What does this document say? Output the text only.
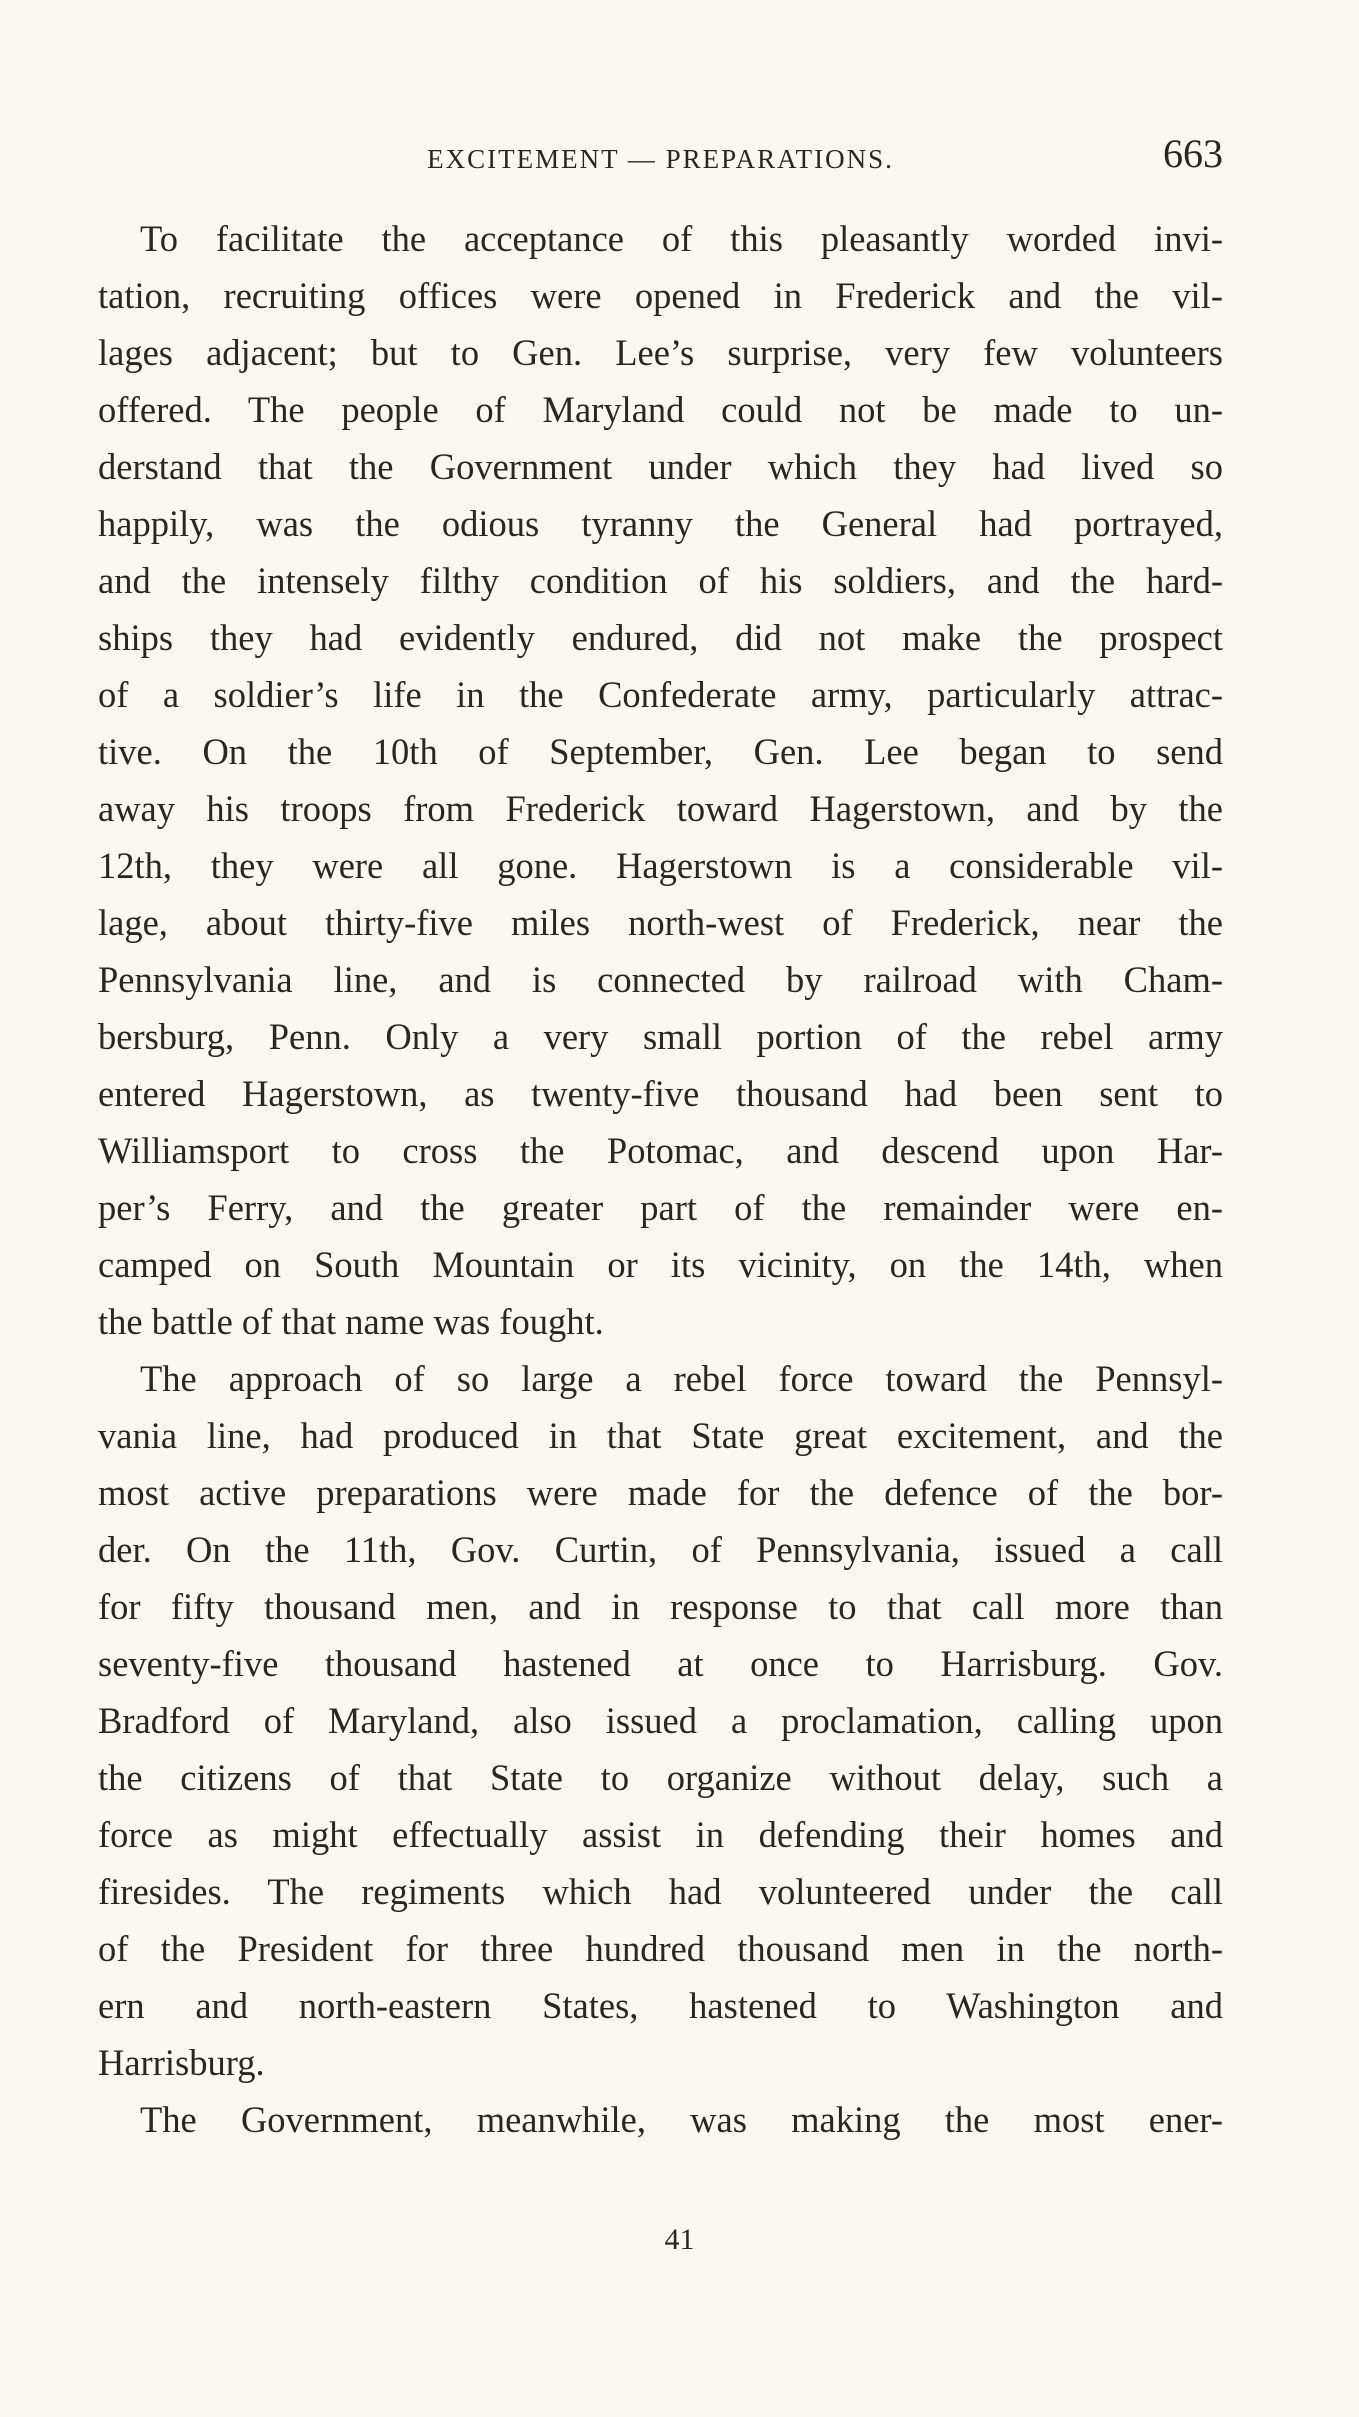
EXCITEMENT — PREPARATIONS.	663
To facilitate the acceptance of this pleasantly worded invi-
tation, recruiting offices were opened in Frederick and the vil-
lages adjacent; but to Gen. Lee’s surprise, very few volunteers
offered. The people of Maryland could not be made to un-
derstand that the Government under which they had lived so
happily, was the odious tyranny the General had portrayed,
and the intensely filthy condition of his soldiers, and the hard-
ships they had evidently endured, did not make the prospect
of a soldier’s life in the Confederate army, particularly attrac-
tive. On the 10th of September, Gen. Lee began to send
away his troops from Frederick toward Hagerstown, and by the
12th, they were all gone. Hagerstown is a considerable vil-
lage, about thirty-five miles north-west of Frederick, near the
Pennsylvania line, and is connected by railroad with Cham-
bersburg, Penn. Only a very small portion of the rebel army
entered Hagerstown, as twenty-five thousand had been sent to
Williamsport to cross the Potomac, and descend upon Har-
per’s Ferry, and the greater part of the remainder were en-
camped on South Mountain or its vicinity, on the 14th, when
the battle of that name was fought.
The approach of so large a rebel force toward the Pennsyl-
vania line, had produced in that State great excitement, and the
most active preparations were made for the defence of the bor-
der. On the 11th, Gov. Curtin, of Pennsylvania, issued a call
for fifty thousand men, and in response to that call more than
seventy-five thousand hastened at once to Harrisburg. Gov.
Bradford of Maryland, also issued a proclamation, calling upon
the citizens of that State to organize without delay, such a
force as might effectually assist in defending their homes and
firesides. The regiments which had volunteered under the call
of the President for three hundred thousand men in the north-
ern and north-eastern States, hastened to Washington and
Harrisburg.
The Government, meanwhile, was making the most ener-
41
